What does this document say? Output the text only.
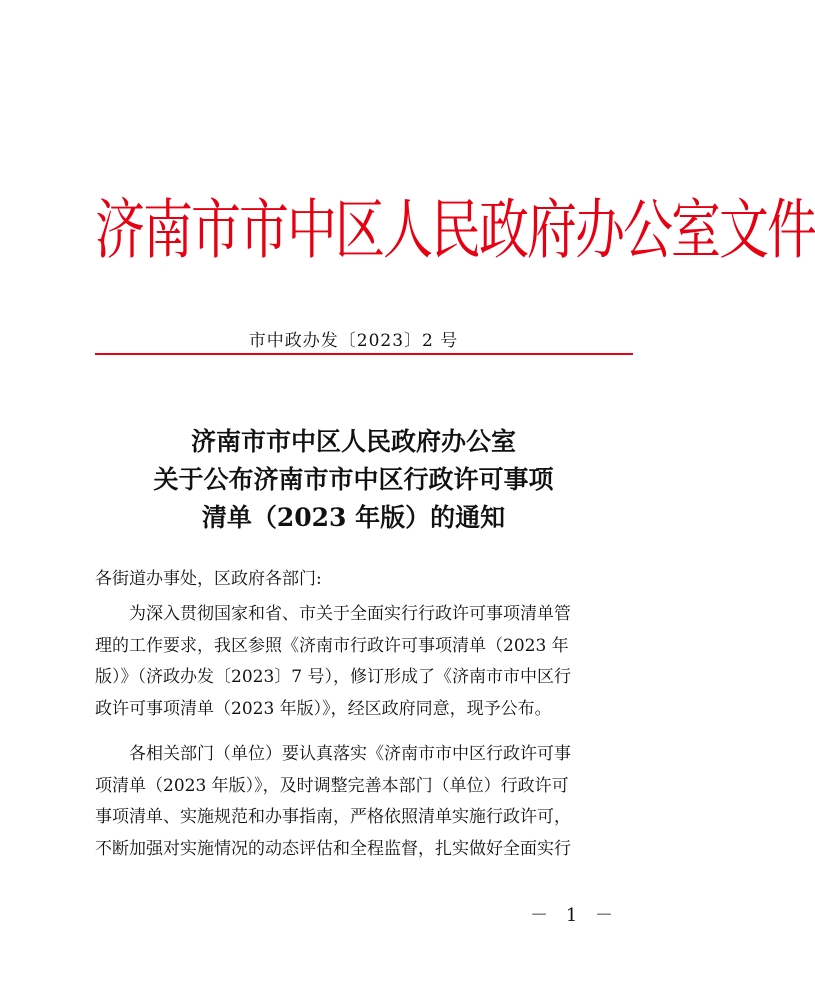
济南市市中区人民政府办公室文件
市中政办发〔2023〕2 号
济南市市中区人民政府办公室
关于公布济南市市中区行政许可事项
清单（2023 年版）的通知
各街道办事处，区政府各部门:
为深入贯彻国家和省、市关于全面实行行政许可事项清单管
理的工作要求，我区参照《济南市行政许可事项清单（2023 年
版）》（济政办发〔2023〕7 号），修订形成了《济南市市中区行
政许可事项清单（2023 年版）》，经区政府同意，现予公布。
各相关部门（单位）要认真落实《济南市市中区行政许可事
项清单（2023 年版）》，及时调整完善本部门（单位）行政许可
事项清单、实施规范和办事指南，严格依照清单实施行政许可，
不断加强对实施情况的动态评估和全程监督，扎实做好全面实行
－ 1 －
